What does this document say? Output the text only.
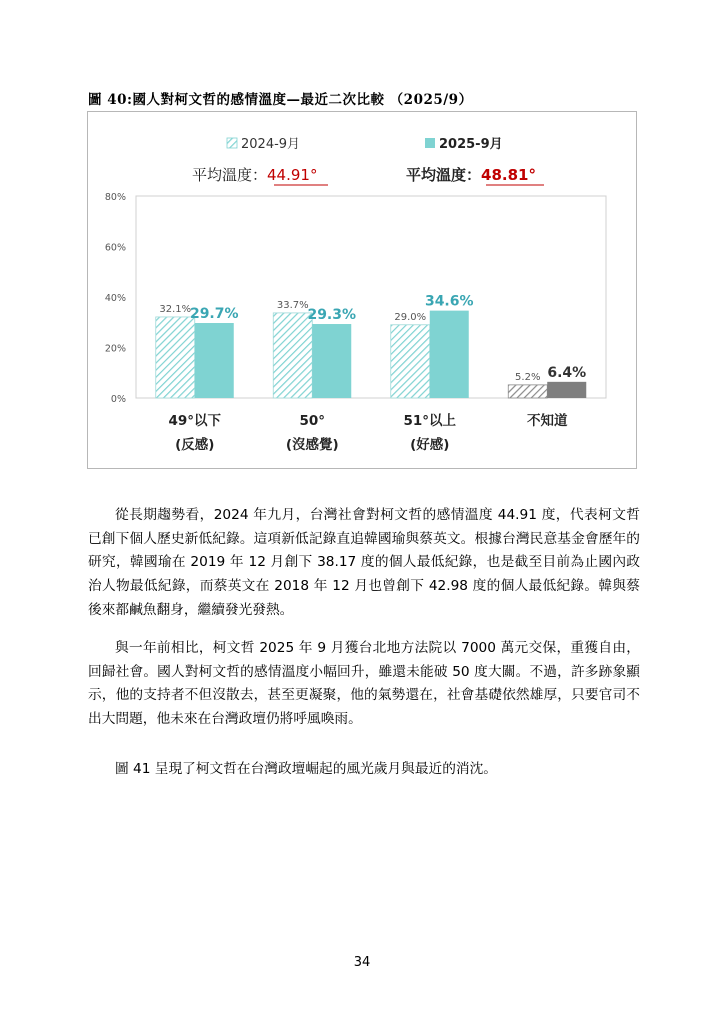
圖 40:國人對柯文哲的感情溫度—最近二次比較 （2025/9）
2024-9月	2025-9月
平均溫度：44.91°	平均溫度：48.81°
0%
20%
40%
60%
80%
32.1%
29.7%
33.7%
29.3%	29.0%
34.6%
5.2% 6.4%
49°以下
(反感)
50°
(沒感覺)
51°以上
(好感)
不知道

從長期趨勢看，2024 年九月，台灣社會對柯文哲的感情溫度 44.91 度，代表柯文哲已創下個人歷史新低紀錄。這項新低記錄直追韓國瑜與蔡英文。根據台灣民意基金會歷年的研究，韓國瑜在 2019 年 12 月創下 38.17 度的個人最低紀錄，也是截至目前為止國內政治人物最低紀錄，而蔡英文在 2018 年 12 月也曾創下 42.98 度的個人最低紀錄。韓與蔡後來都鹹魚翻身，繼續發光發熱。

與一年前相比，柯文哲 2025 年 9 月獲台北地方法院以 7000 萬元交保，重獲自由，回歸社會。國人對柯文哲的感情溫度小幅回升，雖還未能破 50 度大關。不過，許多跡象顯示，他的支持者不但沒散去，甚至更凝聚，他的氣勢還在，社會基礎依然雄厚，只要官司不出大問題，他未來在台灣政壇仍將呼風喚雨。

圖 41 呈現了柯文哲在台灣政壇崛起的風光歲月與最近的消沈。

34
